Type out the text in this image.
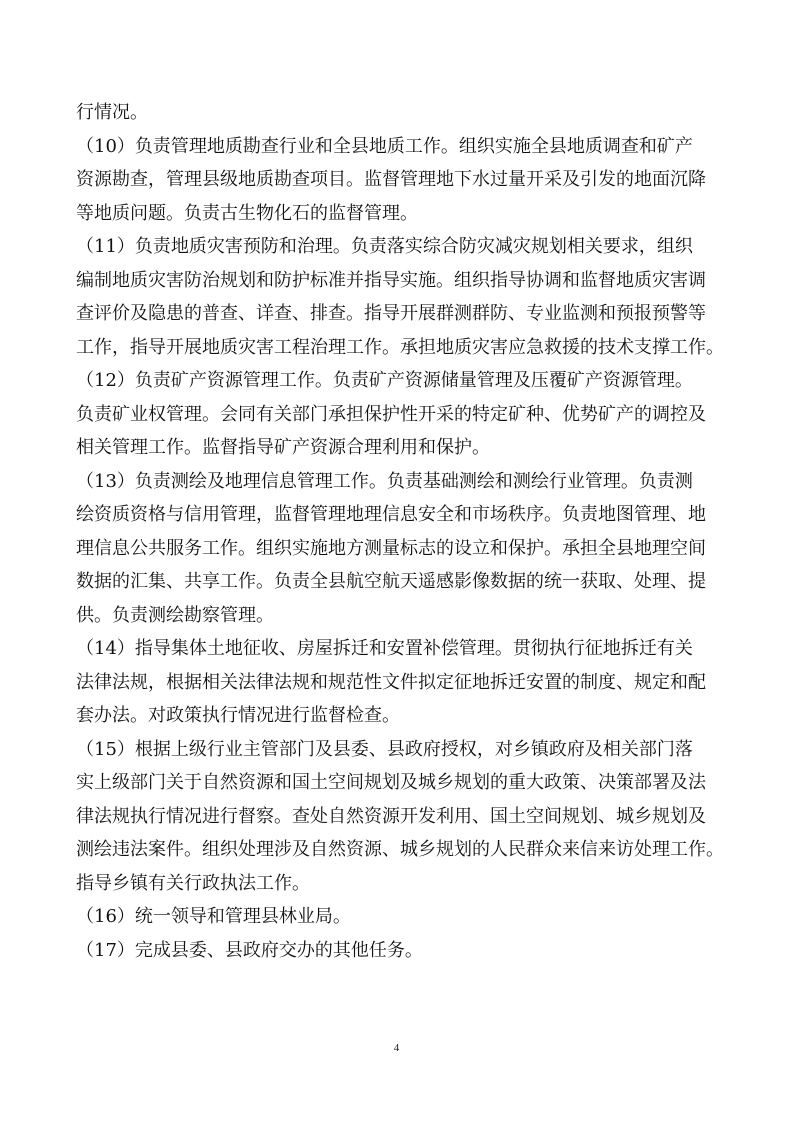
行情况。
（10）负责管理地质勘查行业和全县地质工作。组织实施全县地质调查和矿产
资源勘查，管理县级地质勘查项目。监督管理地下水过量开采及引发的地面沉降
等地质问题。负责古生物化石的监督管理。
（11）负责地质灾害预防和治理。负责落实综合防灾减灾规划相关要求，组织
编制地质灾害防治规划和防护标准并指导实施。组织指导协调和监督地质灾害调
查评价及隐患的普查、详查、排查。指导开展群测群防、专业监测和预报预警等
工作，指导开展地质灾害工程治理工作。承担地质灾害应急救援的技术支撑工作。
（12）负责矿产资源管理工作。负责矿产资源储量管理及压覆矿产资源管理。
负责矿业权管理。会同有关部门承担保护性开采的特定矿种、优势矿产的调控及
相关管理工作。监督指导矿产资源合理利用和保护。
（13）负责测绘及地理信息管理工作。负责基础测绘和测绘行业管理。负责测
绘资质资格与信用管理，监督管理地理信息安全和市场秩序。负责地图管理、地
理信息公共服务工作。组织实施地方测量标志的设立和保护。承担全县地理空间
数据的汇集、共享工作。负责全县航空航天遥感影像数据的统一获取、处理、提
供。负责测绘勘察管理。
（14）指导集体土地征收、房屋拆迁和安置补偿管理。贯彻执行征地拆迁有关
法律法规，根据相关法律法规和规范性文件拟定征地拆迁安置的制度、规定和配
套办法。对政策执行情况进行监督检查。
（15）根据上级行业主管部门及县委、县政府授权，对乡镇政府及相关部门落
实上级部门关于自然资源和国土空间规划及城乡规划的重大政策、决策部署及法
律法规执行情况进行督察。查处自然资源开发利用、国土空间规划、城乡规划及
测绘违法案件。组织处理涉及自然资源、城乡规划的人民群众来信来访处理工作。
指导乡镇有关行政执法工作。
（16）统一领导和管理县林业局。
（17）完成县委、县政府交办的其他任务。
4
